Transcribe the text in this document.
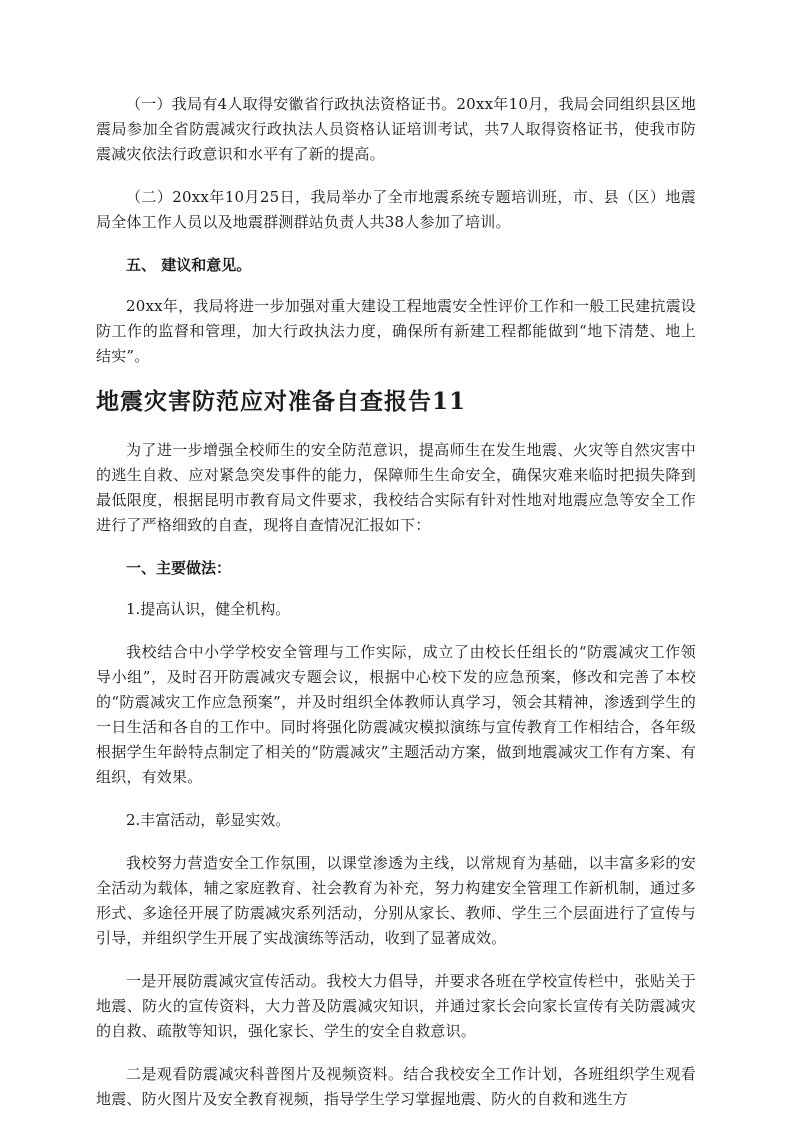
（一）我局有4人取得安徽省行政执法资格证书。20xx年10月，我局会同组织县区地震局参加全省防震减灾行政执法人员资格认证培训考试，共7人取得资格证书，使我市防震减灾依法行政意识和水平有了新的提高。

（二）20xx年10月25日，我局举办了全市地震系统专题培训班，市、县（区）地震局全体工作人员以及地震群测群站负责人共38人参加了培训。

五、 建议和意见。

20xx年，我局将进一步加强对重大建设工程地震安全性评价工作和一般工民建抗震设防工作的监督和管理，加大行政执法力度，确保所有新建工程都能做到“地下清楚、地上结实”。

地震灾害防范应对准备自查报告11

为了进一步增强全校师生的安全防范意识，提高师生在发生地震、火灾等自然灾害中的逃生自救、应对紧急突发事件的能力，保障师生生命安全，确保灾难来临时把损失降到最低限度，根据昆明市教育局文件要求，我校结合实际有针对性地对地震应急等安全工作进行了严格细致的自查，现将自查情况汇报如下：

一、主要做法：

1.提高认识，健全机构。

我校结合中小学学校安全管理与工作实际，成立了由校长任组长的“防震减灾工作领导小组”，及时召开防震减灾专题会议，根据中心校下发的应急预案，修改和完善了本校的“防震减灾工作应急预案”，并及时组织全体教师认真学习，领会其精神，渗透到学生的一日生活和各自的工作中。同时将强化防震减灾模拟演练与宣传教育工作相结合，各年级根据学生年龄特点制定了相关的“防震减灾”主题活动方案，做到地震减灾工作有方案、有组织，有效果。

2.丰富活动，彰显实效。

我校努力营造安全工作氛围，以课堂渗透为主线，以常规育为基础，以丰富多彩的安全活动为载体，辅之家庭教育、社会教育为补充，努力构建安全管理工作新机制，通过多形式、多途径开展了防震减灾系列活动，分别从家长、教师、学生三个层面进行了宣传与引导，并组织学生开展了实战演练等活动，收到了显著成效。

一是开展防震减灾宣传活动。我校大力倡导，并要求各班在学校宣传栏中，张贴关于地震、防火的宣传资料，大力普及防震减灾知识，并通过家长会向家长宣传有关防震减灾的自救、疏散等知识，强化家长、学生的安全自救意识。

二是观看防震减灾科普图片及视频资料。结合我校安全工作计划，各班组织学生观看地震、防火图片及安全教育视频，指导学生学习掌握地震、防火的自救和逃生方
